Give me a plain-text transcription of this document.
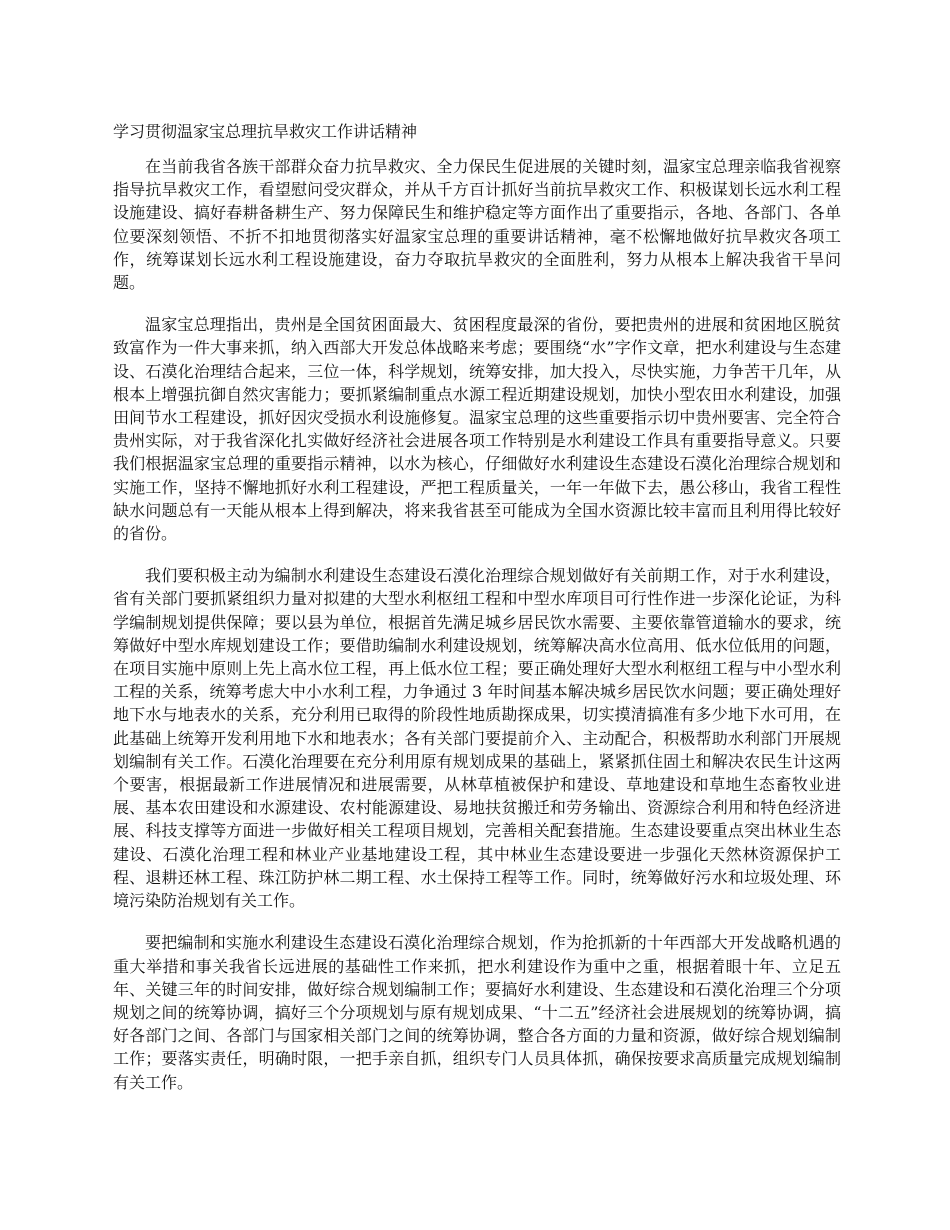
学习贯彻温家宝总理抗旱救灾工作讲话精神

在当前我省各族干部群众奋力抗旱救灾、全力保民生促进展的关键时刻，温家宝总理亲临我省视察指导抗旱救灾工作，看望慰问受灾群众，并从千方百计抓好当前抗旱救灾工作、积极谋划长远水利工程设施建设、搞好春耕备耕生产、努力保障民生和维护稳定等方面作出了重要指示，各地、各部门、各单位要深刻领悟、不折不扣地贯彻落实好温家宝总理的重要讲话精神，毫不松懈地做好抗旱救灾各项工作，统筹谋划长远水利工程设施建设，奋力夺取抗旱救灾的全面胜利，努力从根本上解决我省干旱问题。

温家宝总理指出，贵州是全国贫困面最大、贫困程度最深的省份，要把贵州的进展和贫困地区脱贫致富作为一件大事来抓，纳入西部大开发总体战略来考虑；要围绕“水”字作文章，把水利建设与生态建设、石漠化治理结合起来，三位一体，科学规划，统筹安排，加大投入，尽快实施，力争苦干几年，从根本上增强抗御自然灾害能力；要抓紧编制重点水源工程近期建设规划，加快小型农田水利建设，加强田间节水工程建设，抓好因灾受损水利设施修复。温家宝总理的这些重要指示切中贵州要害、完全符合贵州实际，对于我省深化扎实做好经济社会进展各项工作特别是水利建设工作具有重要指导意义。只要我们根据温家宝总理的重要指示精神，以水为核心，仔细做好水利建设生态建设石漠化治理综合规划和实施工作，坚持不懈地抓好水利工程建设，严把工程质量关，一年一年做下去，愚公移山，我省工程性缺水问题总有一天能从根本上得到解决，将来我省甚至可能成为全国水资源比较丰富而且利用得比较好的省份。

我们要积极主动为编制水利建设生态建设石漠化治理综合规划做好有关前期工作，对于水利建设，省有关部门要抓紧组织力量对拟建的大型水利枢纽工程和中型水库项目可行性作进一步深化论证，为科学编制规划提供保障；要以县为单位，根据首先满足城乡居民饮水需要、主要依靠管道输水的要求，统筹做好中型水库规划建设工作；要借助编制水利建设规划，统筹解决高水位高用、低水位低用的问题，在项目实施中原则上先上高水位工程，再上低水位工程；要正确处理好大型水利枢纽工程与中小型水利工程的关系，统筹考虑大中小水利工程，力争通过 3 年时间基本解决城乡居民饮水问题；要正确处理好地下水与地表水的关系，充分利用已取得的阶段性地质勘探成果，切实摸清搞准有多少地下水可用，在此基础上统筹开发利用地下水和地表水；各有关部门要提前介入、主动配合，积极帮助水利部门开展规划编制有关工作。石漠化治理要在充分利用原有规划成果的基础上，紧紧抓住固土和解决农民生计这两个要害，根据最新工作进展情况和进展需要，从林草植被保护和建设、草地建设和草地生态畜牧业进展、基本农田建设和水源建设、农村能源建设、易地扶贫搬迁和劳务输出、资源综合利用和特色经济进展、科技支撑等方面进一步做好相关工程项目规划，完善相关配套措施。生态建设要重点突出林业生态建设、石漠化治理工程和林业产业基地建设工程，其中林业生态建设要进一步强化天然林资源保护工程、退耕还林工程、珠江防护林二期工程、水土保持工程等工作。同时，统筹做好污水和垃圾处理、环境污染防治规划有关工作。

要把编制和实施水利建设生态建设石漠化治理综合规划，作为抢抓新的十年西部大开发战略机遇的重大举措和事关我省长远进展的基础性工作来抓，把水利建设作为重中之重，根据着眼十年、立足五年、关键三年的时间安排，做好综合规划编制工作；要搞好水利建设、生态建设和石漠化治理三个分项规划之间的统筹协调，搞好三个分项规划与原有规划成果、“十二五”经济社会进展规划的统筹协调，搞好各部门之间、各部门与国家相关部门之间的统筹协调，整合各方面的力量和资源，做好综合规划编制工作；要落实责任，明确时限，一把手亲自抓，组织专门人员具体抓，确保按要求高质量完成规划编制有关工作。
